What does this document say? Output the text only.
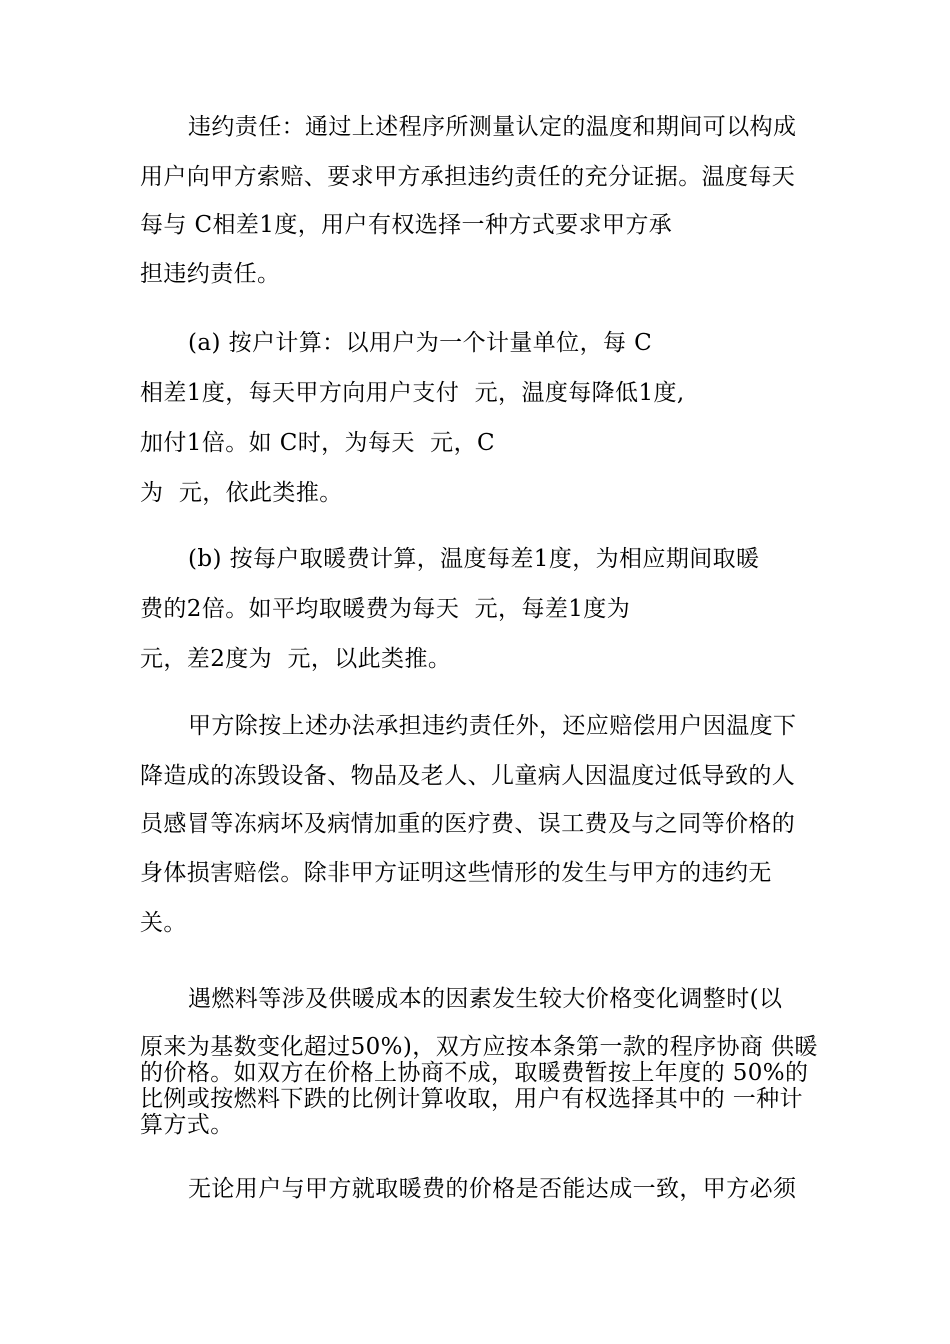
违约责任：通过上述程序所测量认定的温度和期间可以构成
用户向甲方索赔、要求甲方承担违约责任的充分证据。温度每天
每与 C相差1度，用户有权选择一种方式要求甲方承
担违约责任。
(a) 按户计算：以用户为一个计量单位，每 C
相差1度，每天甲方向用户支付  元，温度每降低1度,
加付1倍。如 C时，为每天  元，C
为  元，依此类推。
(b) 按每户取暖费计算，温度每差1度，为相应期间取暖
费的2倍。如平均取暖费为每天  元，每差1度为
元，差2度为  元，以此类推。
甲方除按上述办法承担违约责任外，还应赔偿用户因温度下
降造成的冻毁设备、物品及老人、儿童病人因温度过低导致的人
员感冒等冻病坏及病情加重的医疗费、误工费及与之同等价格的
身体损害赔偿。除非甲方证明这些情形的发生与甲方的违约无
关。
遇燃料等涉及供暖成本的因素发生较大价格变化调整时(以
原来为基数变化超过50%)，双方应按本条第一款的程序协商 供暖
的价格。如双方在价格上协商不成，取暖费暂按上年度的 50%的
比例或按燃料下跌的比例计算收取，用户有权选择其中的 一种计
算方式。
无论用户与甲方就取暖费的价格是否能达成一致，甲方必须
